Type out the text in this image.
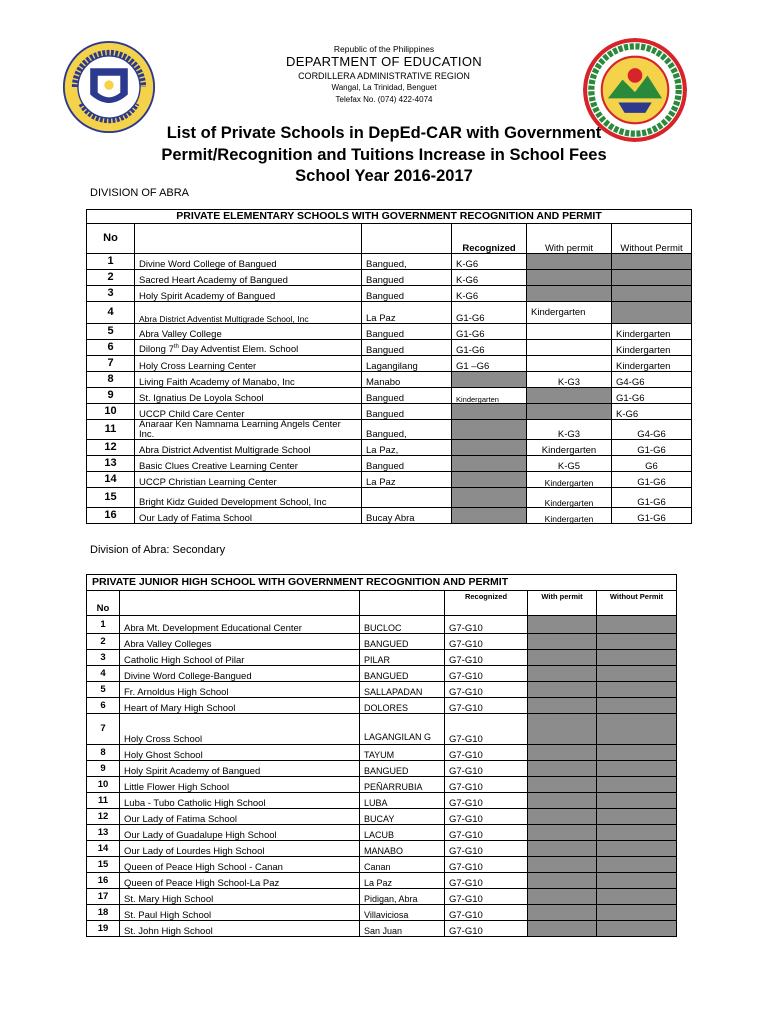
Republic of the Philippines
DEPARTMENT OF EDUCATION
CORDILLERA ADMINISTRATIVE REGION
Wangal, La Trinidad, Benguet
Telefax No. (074) 422-4074
List of Private Schools in DepEd-CAR with Government
Permit/Recognition and Tuitions Increase in School Fees
School Year 2016-2017
DIVISION OF ABRA
PRIVATE ELEMENTARY SCHOOLS WITH GOVERNMENT RECOGNITION AND PERMIT					
No			Recognized	With permit	Without Permit
1	Divine Word College of Bangued	Bangued,	K-G6		
2	Sacred Heart Academy of Bangued	Bangued	K-G6		
3	Holy Spirit Academy of Bangued	Bangued	K-G6		
4	Abra District Adventist Multigrade School, Inc	La Paz	G1-G6	Kindergarten	
5	Abra Valley College	Bangued	G1-G6		Kindergarten
6	Dilong 7th Day Adventist Elem. School	Bangued	G1-G6		Kindergarten
7	Holy Cross Learning Center	Lagangilang	G1 –G6		Kindergarten
8	Living Faith Academy of Manabo, Inc	Manabo		K-G3	G4-G6
9	St. Ignatius De Loyola School	Bangued	Kindergarten		G1-G6
10	UCCP Child Care Center	Bangued			K-G6
11	Anaraar Ken Namnama Learning Angels Center Inc.	Bangued,		K-G3	G4-G6
12	Abra District Adventist Multigrade School	La Paz,		Kindergarten	G1-G6
13	Basic Clues Creative Learning Center	Bangued		K-G5	G6
14	UCCP Christian Learning Center	La Paz		Kindergarten	G1-G6
15	Bright Kidz Guided Development School, Inc			Kindergarten	G1-G6
16	Our Lady of Fatima School	Bucay Abra		Kindergarten	G1-G6
Division of Abra: Secondary
PRIVATE JUNIOR HIGH SCHOOL WITH GOVERNMENT RECOGNITION AND PERMIT					
No			Recognized	With permit	Without Permit
1	Abra Mt. Development Educational Center	BUCLOC	G7-G10		
2	Abra Valley Colleges	BANGUED	G7-G10		
3	Catholic High School of Pilar	PILAR	G7-G10		
4	Divine Word College-Bangued	BANGUED	G7-G10		
5	Fr. Arnoldus High School	SALLAPADAN	G7-G10		
6	Heart of Mary High School	DOLORES	G7-G10		
7	Holy Cross School	LAGANGILAN G	G7-G10		
8	Holy Ghost School	TAYUM	G7-G10		
9	Holy Spirit Academy of Bangued	BANGUED	G7-G10		
10	Little Flower High School	PEÑARRUBIA	G7-G10		
11	Luba - Tubo Catholic High School	LUBA	G7-G10		
12	Our Lady of Fatima School	BUCAY	G7-G10		
13	Our Lady of Guadalupe High School	LACUB	G7-G10		
14	Our Lady of Lourdes High School	MANABO	G7-G10		
15	Queen of Peace High School - Canan	Canan	G7-G10		
16	Queen of Peace High School-La Paz	La Paz	G7-G10		
17	St. Mary High School	Pidigan, Abra	G7-G10		
18	St. Paul High School	Villaviciosa	G7-G10		
19	St. John High School	San Juan	G7-G10		
